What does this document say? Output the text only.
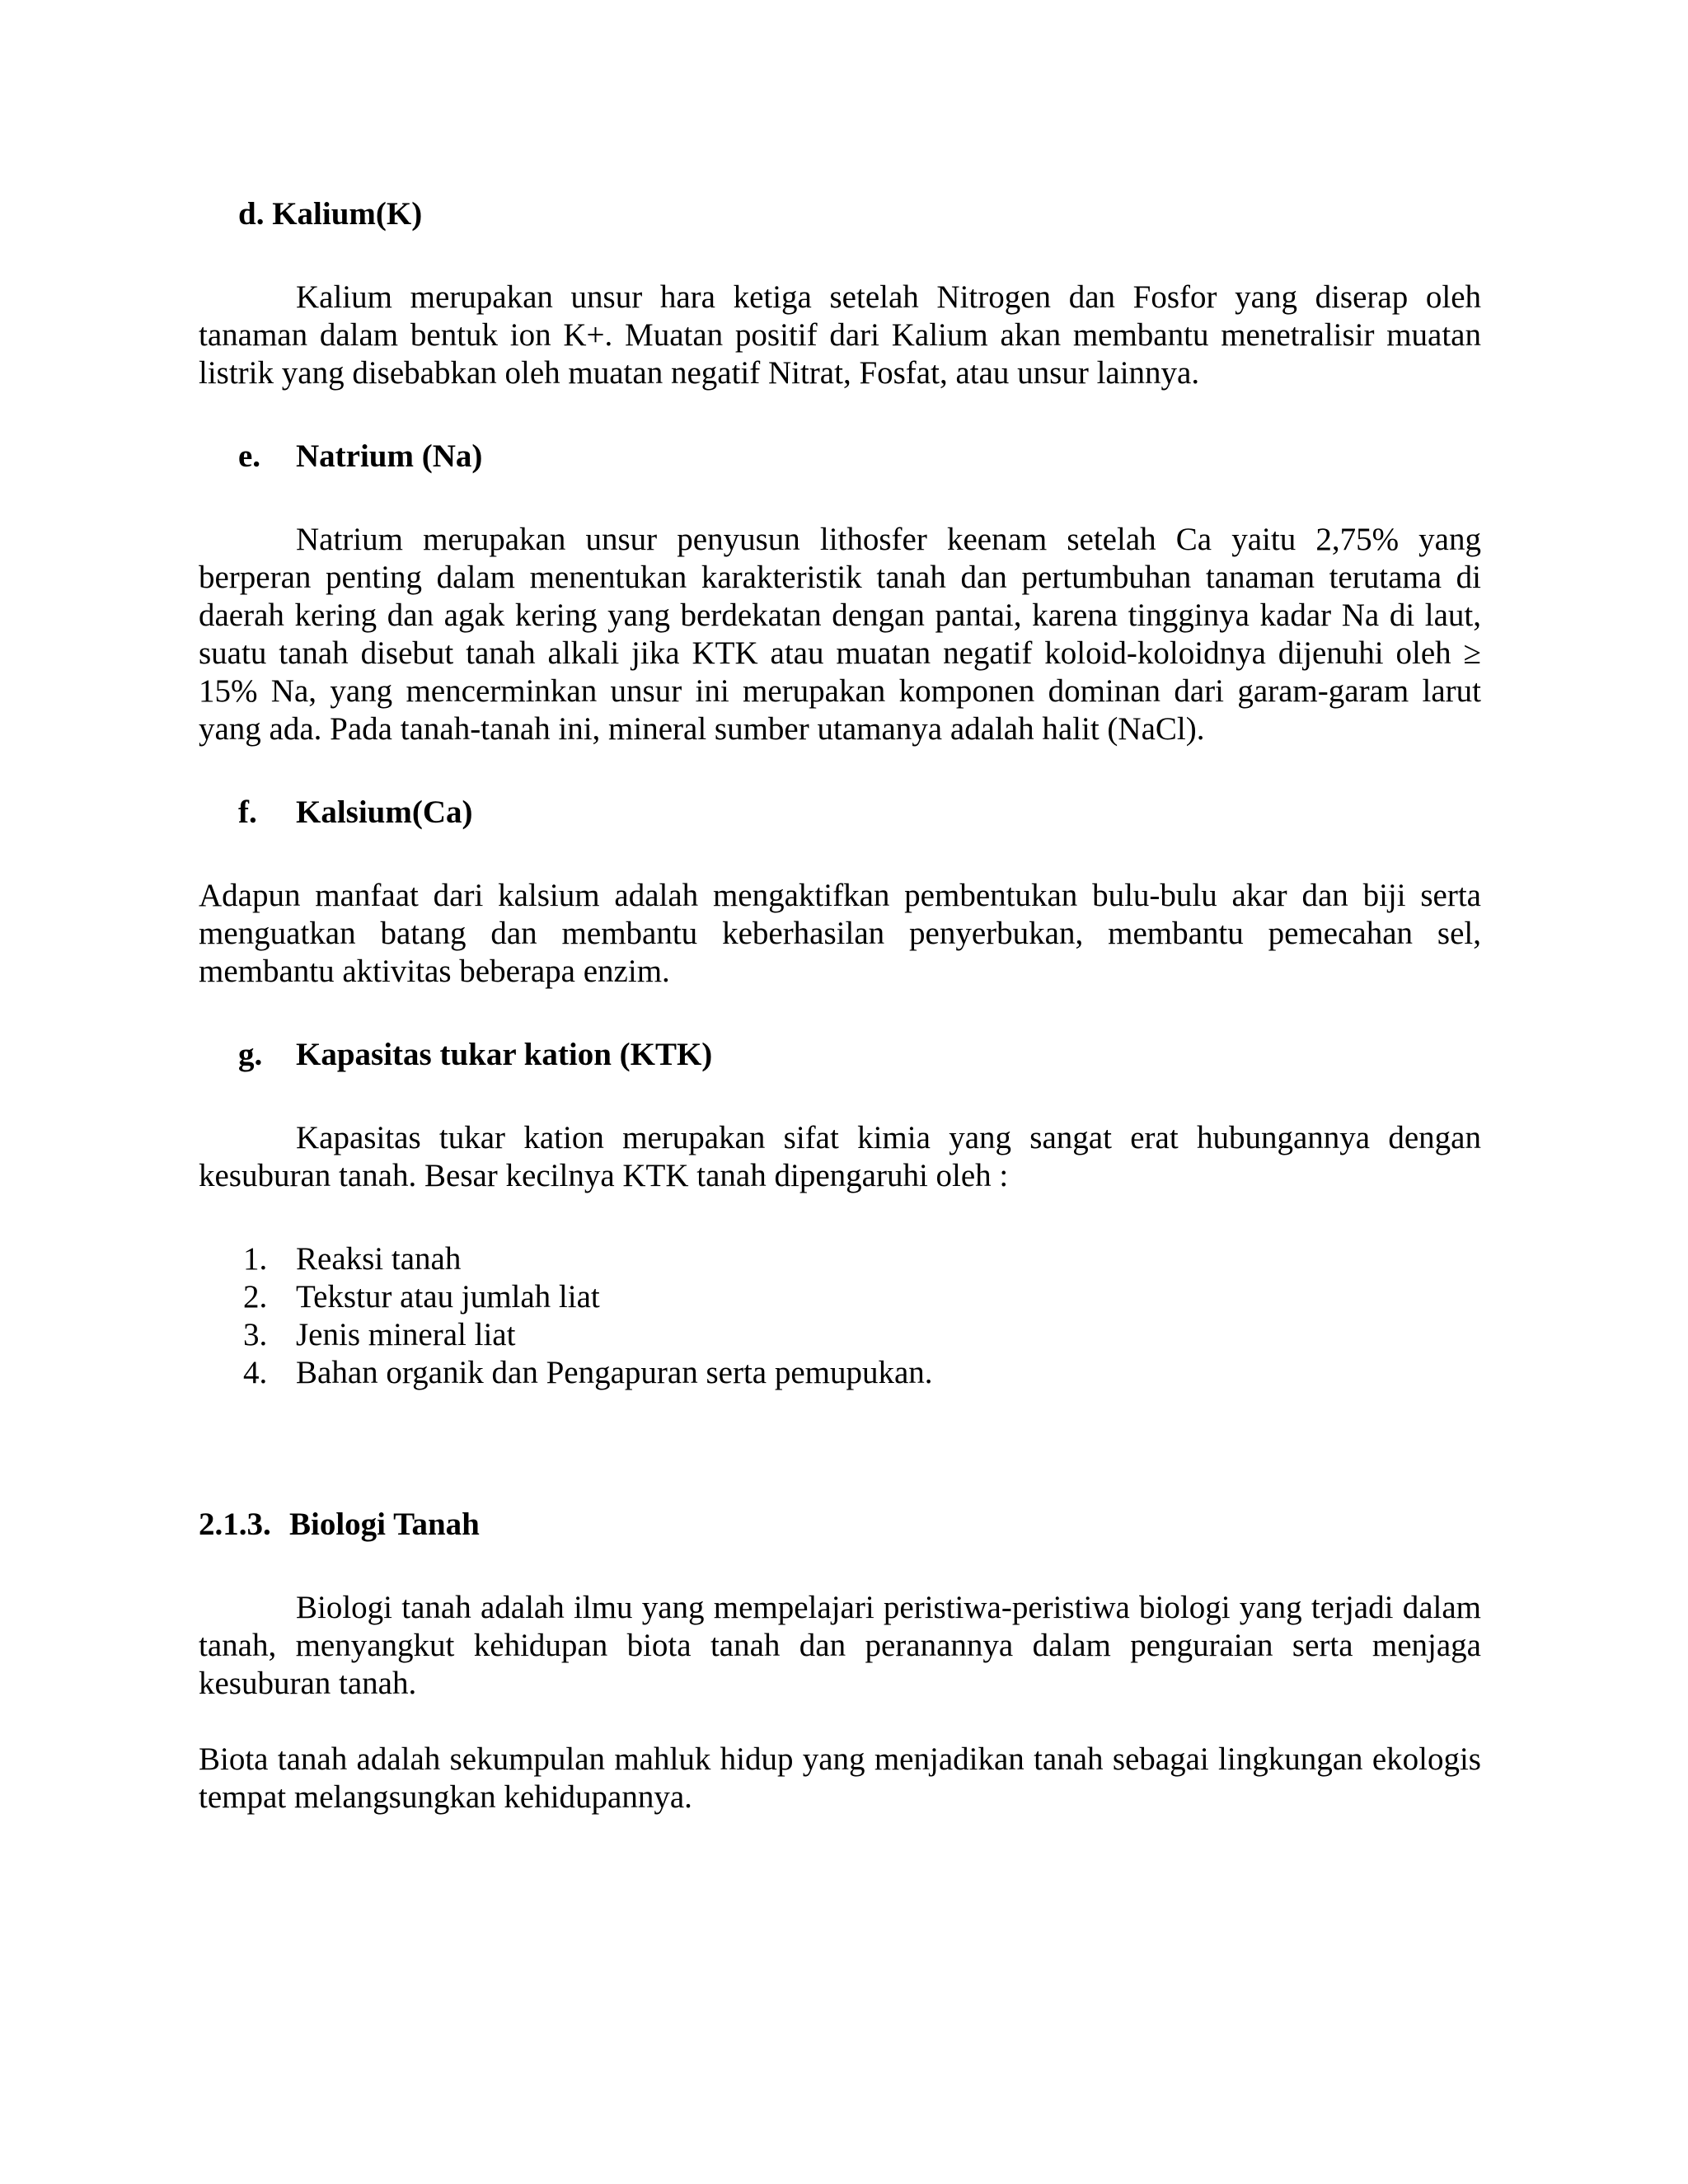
d. Kalium(K)

Kalium merupakan unsur hara ketiga setelah Nitrogen dan Fosfor yang diserap oleh tanaman dalam bentuk ion K+. Muatan positif dari Kalium akan membantu menetralisir muatan listrik yang disebabkan oleh muatan negatif Nitrat, Fosfat, atau unsur lainnya.

e. Natrium (Na)

Natrium merupakan unsur penyusun lithosfer keenam setelah Ca yaitu 2,75% yang berperan penting dalam menentukan karakteristik tanah dan pertumbuhan tanaman terutama di daerah kering dan agak kering yang berdekatan dengan pantai, karena tingginya kadar Na di laut, suatu tanah disebut tanah alkali jika KTK atau muatan negatif koloid-koloidnya dijenuhi oleh ≥ 15% Na, yang mencerminkan unsur ini merupakan komponen dominan dari garam-garam larut yang ada. Pada tanah-tanah ini, mineral sumber utamanya adalah halit (NaCl).

f. Kalsium(Ca)

Adapun manfaat dari kalsium adalah mengaktifkan pembentukan bulu-bulu akar dan biji serta menguatkan batang dan membantu keberhasilan penyerbukan, membantu pemecahan sel, membantu aktivitas beberapa enzim.

g. Kapasitas tukar kation (KTK)

Kapasitas tukar kation merupakan sifat kimia yang sangat erat hubungannya dengan kesuburan tanah. Besar kecilnya KTK tanah dipengaruhi oleh :

1. Reaksi tanah
2. Tekstur atau jumlah liat
3. Jenis mineral liat
4. Bahan organik dan Pengapuran serta pemupukan.
2.1.3. Biologi Tanah

Biologi tanah adalah ilmu yang mempelajari peristiwa-peristiwa biologi yang terjadi dalam tanah, menyangkut kehidupan biota tanah dan peranannya dalam penguraian serta menjaga kesuburan tanah.

Biota tanah adalah sekumpulan mahluk hidup yang menjadikan tanah sebagai lingkungan ekologis tempat melangsungkan kehidupannya.
